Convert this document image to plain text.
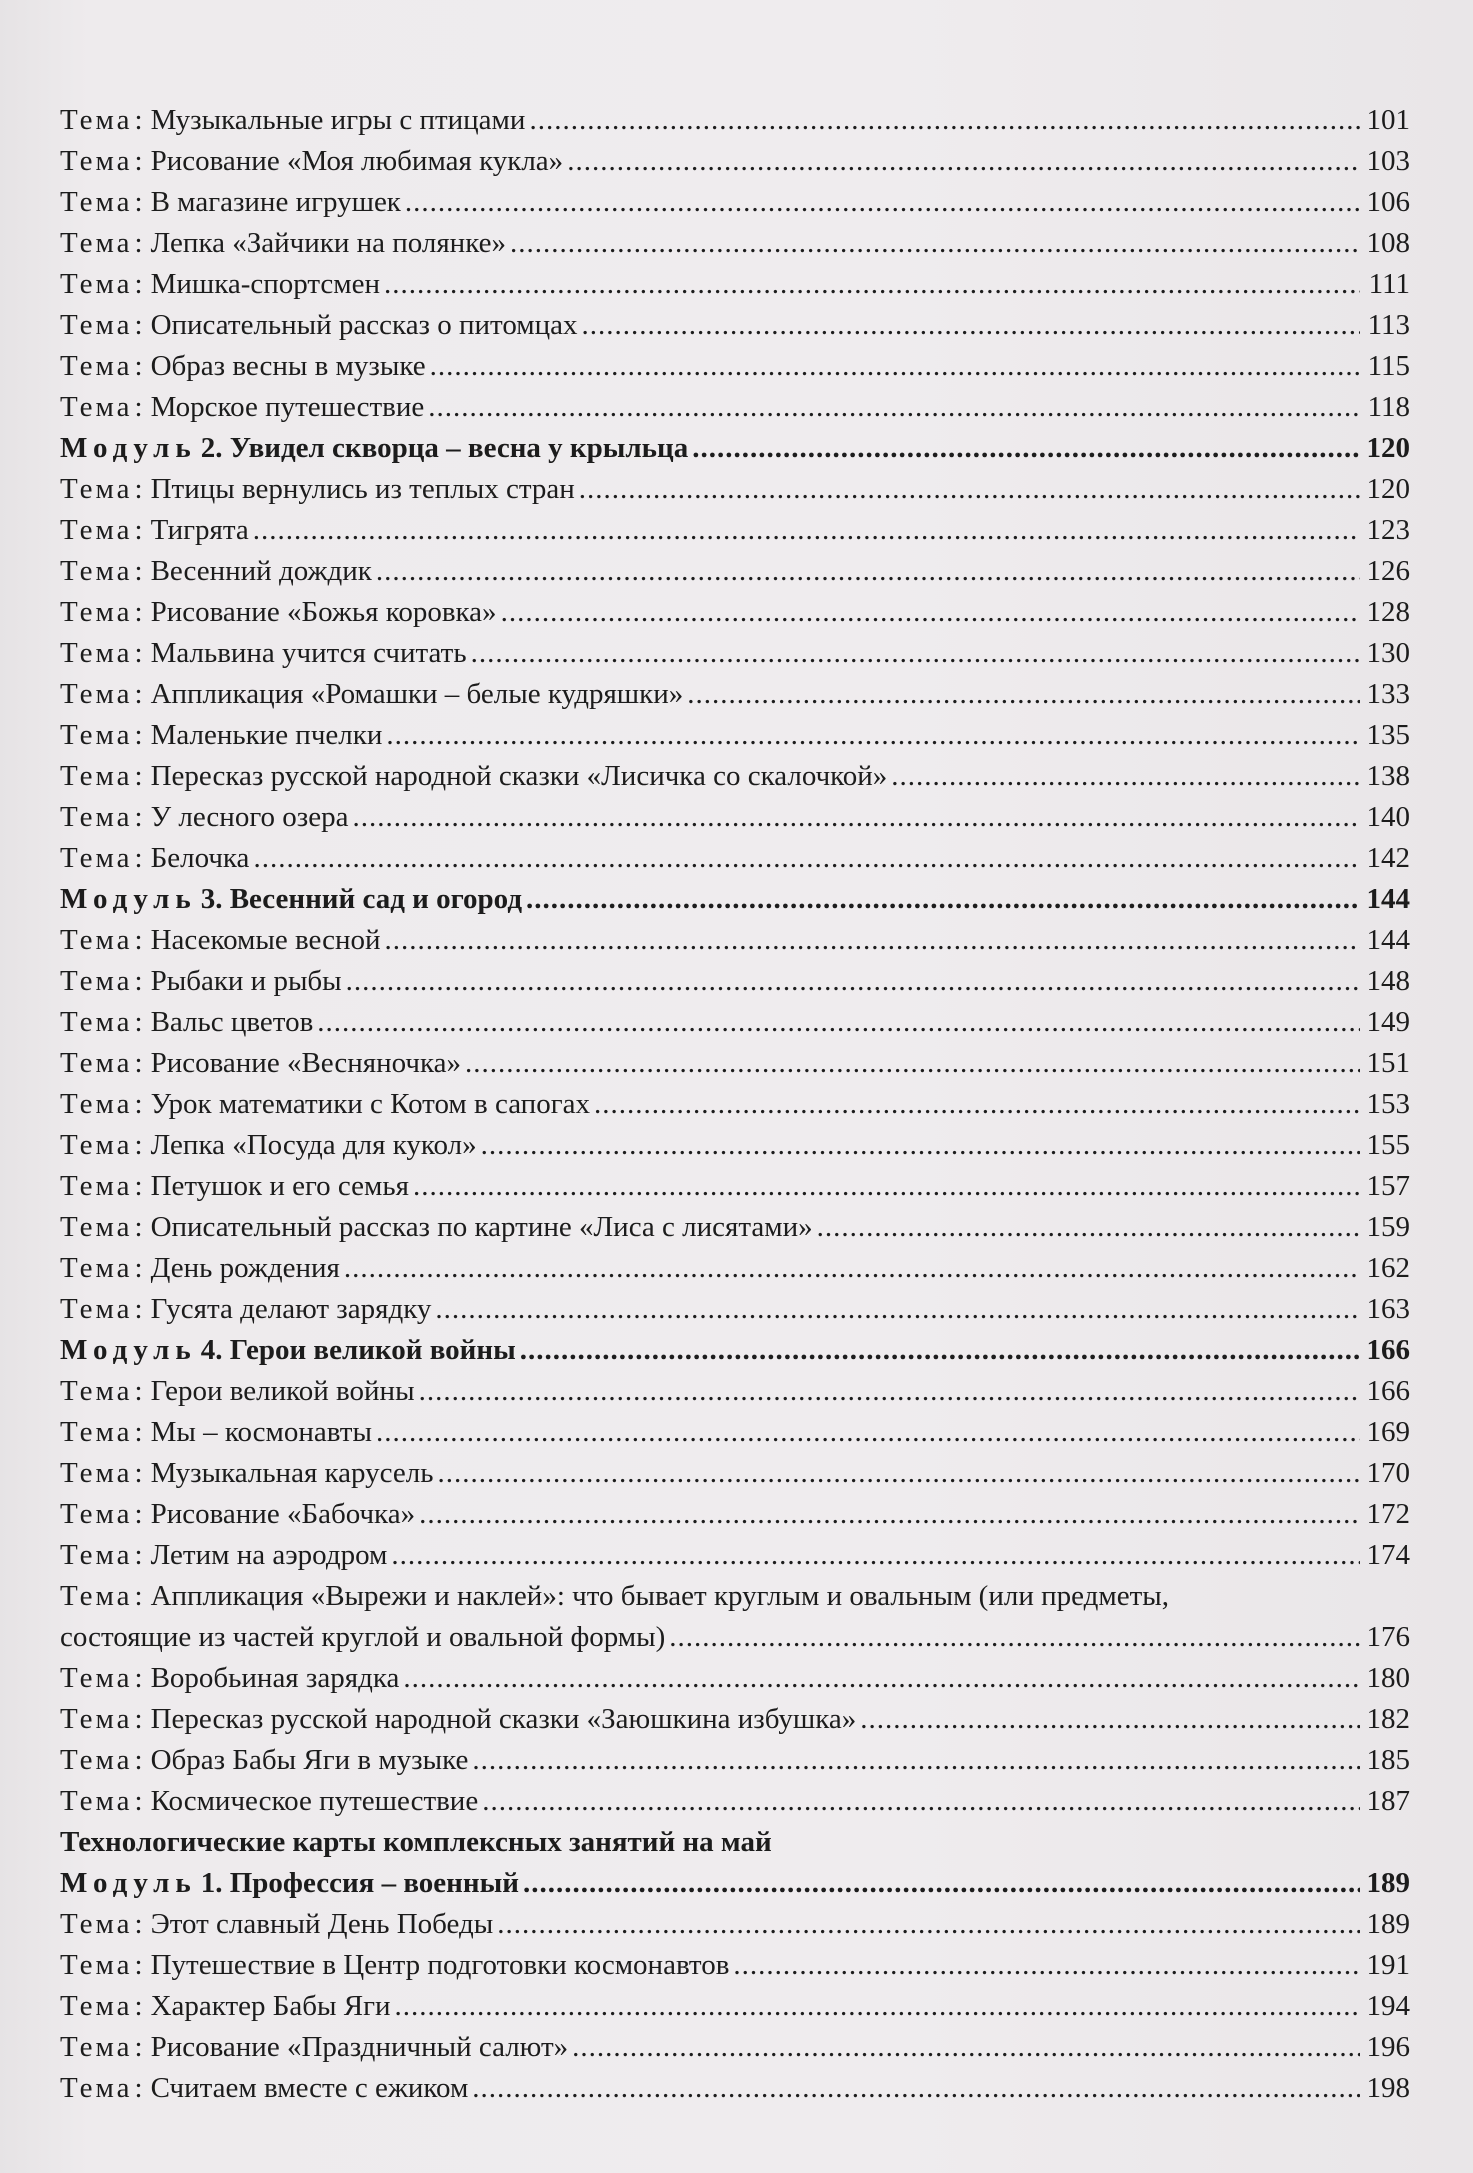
Тема : Музыкальные игры с птицами .....	101
Тема : Рисование «Моя любимая кукла» .....	103
Тема : В магазине игрушек .....	106
Тема : Лепка «Зайчики на полянке» .....	108
Тема : Мишка-спортсмен .....	111
Тема : Описательный рассказ о питомцах .....	113
Тема : Образ весны в музыке .....	115
Тема : Морское путешествие .....	118
Модуль 2. Увидел скворца – весна у крыльца .....	120
Тема : Птицы вернулись из теплых стран .....	120
Тема : Тигрята .....	123
Тема : Весенний дождик .....	126
Тема : Рисование «Божья коровка» .....	128
Тема : Мальвина учится считать .....	130
Тема : Аппликация «Ромашки – белые кудряшки» .....	133
Тема : Маленькие пчелки .....	135
Тема : Пересказ русской народной сказки «Лисичка со скалочкой» .....	138
Тема : У лесного озера .....	140
Тема : Белочка .....	142
Модуль 3. Весенний сад и огород .....	144
Тема : Насекомые весной .....	144
Тема : Рыбаки и рыбы .....	148
Тема : Вальс цветов .....	149
Тема : Рисование «Весняночка» .....	151
Тема : Урок математики с Котом в сапогах .....	153
Тема : Лепка «Посуда для кукол» .....	155
Тема : Петушок и его семья .....	157
Тема : Описательный рассказ по картине «Лиса с лисятами» .....	159
Тема : День рождения .....	162
Тема : Гусята делают зарядку .....	163
Модуль 4. Герои великой войны .....	166
Тема : Герои великой войны .....	166
Тема : Мы – космонавты .....	169
Тема : Музыкальная карусель .....	170
Тема : Рисование «Бабочка» .....	172
Тема : Летим на аэродром .....	174
Тема: Аппликация «Вырежи и наклей»: что бывает круглым и овальным (или предметы,
состоящие из частей круглой и овальной формы) .....	176
Тема : Воробьиная зарядка .....	180
Тема : Пересказ русской народной сказки «Заюшкина избушка» .....	182
Тема : Образ Бабы Яги в музыке .....	185
Тема : Космическое путешествие .....	187
Технологические карты комплексных занятий на май
Модуль 1. Профессия – военный .....	189
Тема : Этот славный День Победы .....	189
Тема : Путешествие в Центр подготовки космонавтов .....	191
Тема : Характер Бабы Яги .....	194
Тема : Рисование «Праздничный салют» .....	196
Тема : Считаем вместе с ежиком .....	198
